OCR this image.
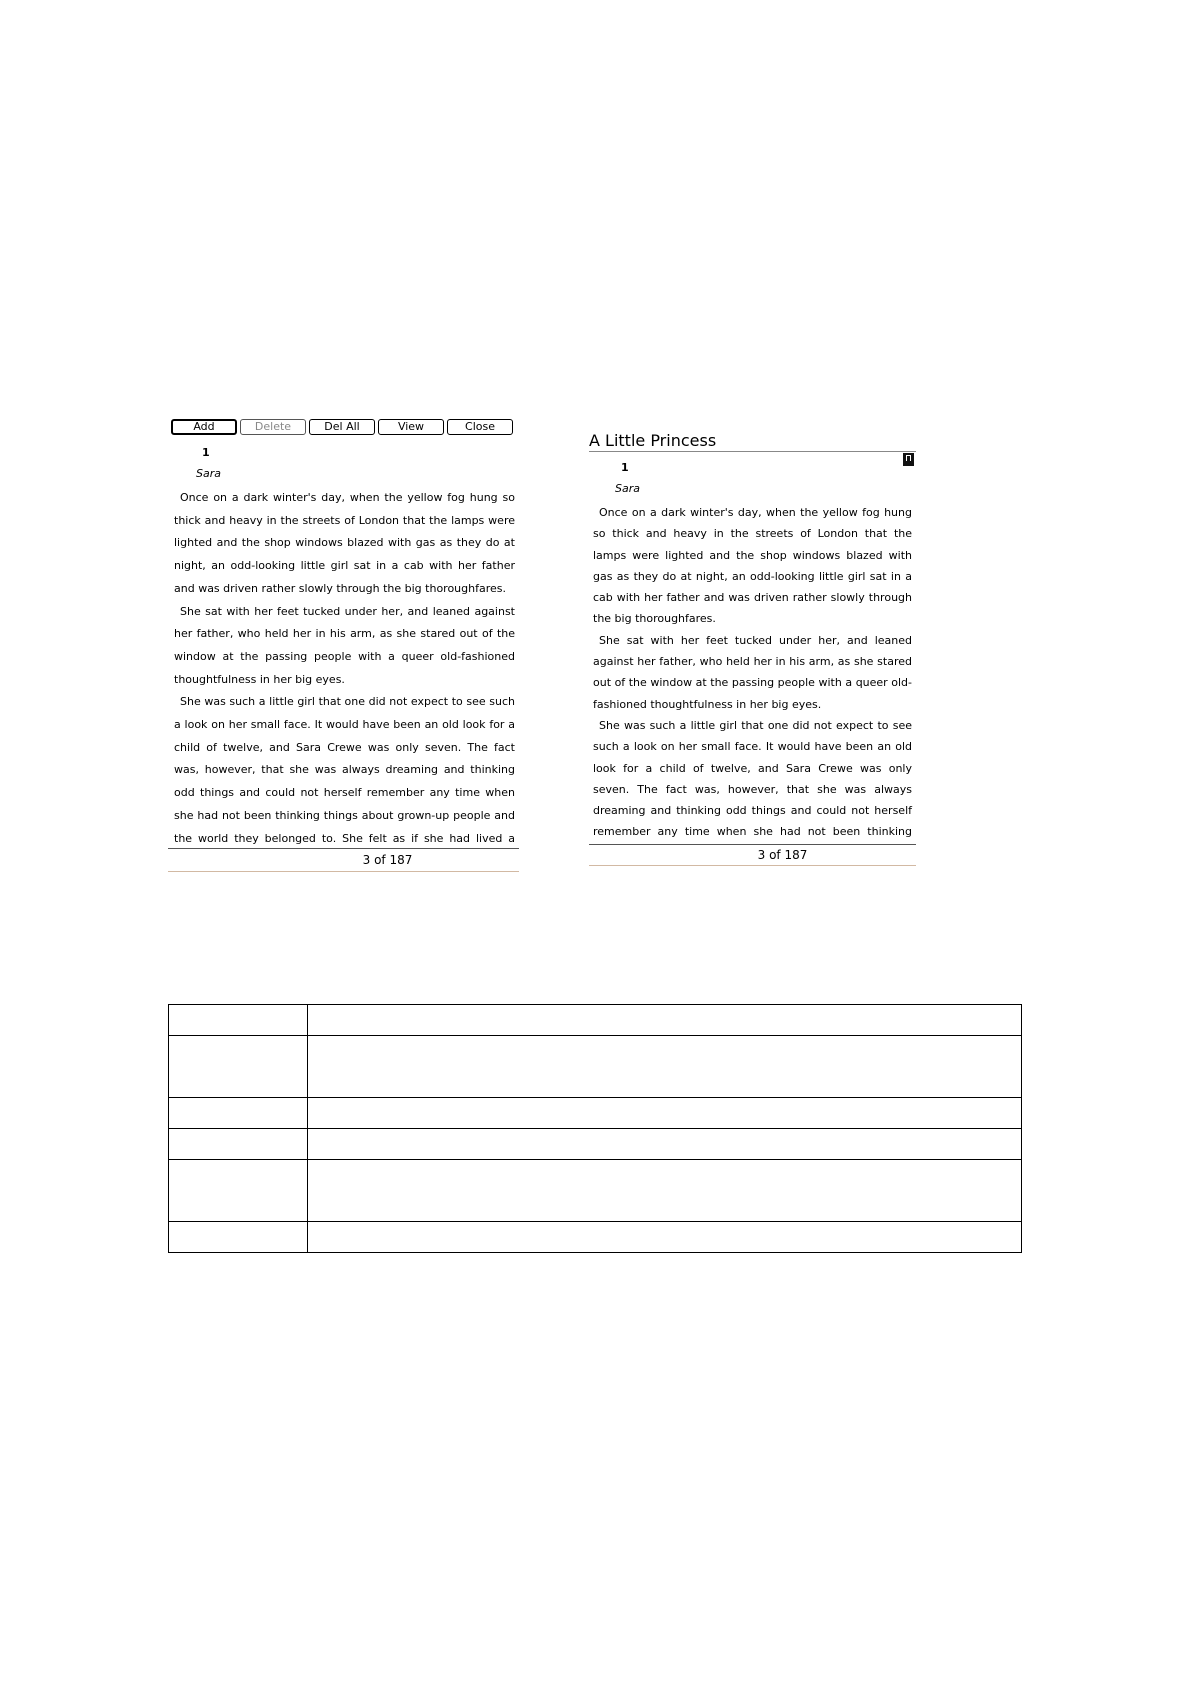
Add	Delete	Del All	View	Close
1
Sara

Once on a dark winter's day, when the yellow fog hung so thick and heavy in the streets of London that the lamps were lighted and the shop windows blazed with gas as they do at night, an odd-looking little girl sat in a cab with her father and was driven rather slowly through the big thoroughfares.

She sat with her feet tucked under her, and leaned against her father, who held her in his arm, as she stared out of the window at the passing people with a queer old-fashioned thoughtfulness in her big eyes.

She was such a little girl that one did not expect to see such a look on her small face. It would have been an old look for a child of twelve, and Sara Crewe was only seven. The fact was, however, that she was always dreaming and thinking odd things and could not herself remember any time when she had not been thinking things about grown-up people and the world they belonged to. She felt as if she had lived a

3 of 187
A Little Princess
1
Sara

Once on a dark winter's day, when the yellow fog hung so thick and heavy in the streets of London that the lamps were lighted and the shop windows blazed with gas as they do at night, an odd-looking little girl sat in a cab with her father and was driven rather slowly through the big thoroughfares.

She sat with her feet tucked under her, and leaned against her father, who held her in his arm, as she stared out of the window at the passing people with a queer old-fashioned thoughtfulness in her big eyes.

She was such a little girl that one did not expect to see such a look on her small face. It would have been an old look for a child of twelve, and Sara Crewe was only seven. The fact was, however, that she was always dreaming and thinking odd things and could not herself remember any time when she had not been thinking

3 of 187
